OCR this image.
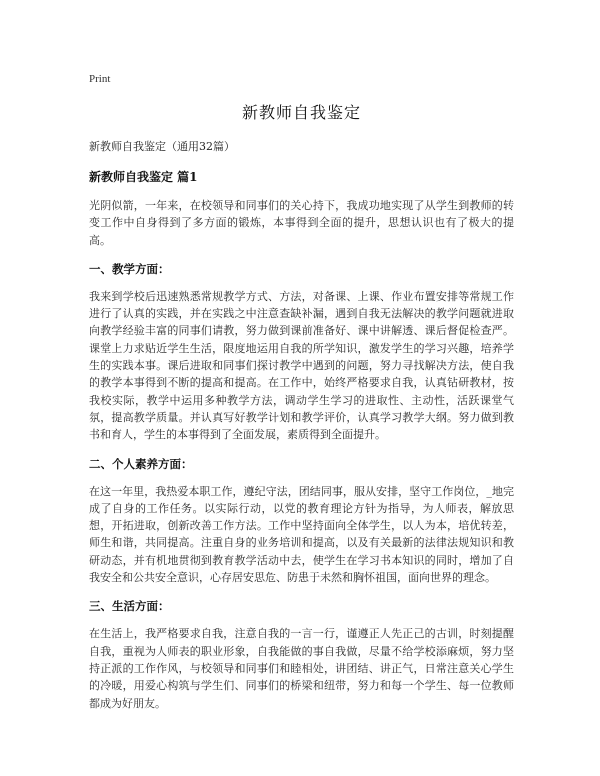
Print
新教师自我鉴定
新教师自我鉴定（通用32篇）
新教师自我鉴定 篇1

光阴似箭，一年来，在校领导和同事们的关心持下，我成功地实现了从学生到教师的转变工作中自身得到了多方面的锻炼，本事得到全面的提升，思想认识也有了极大的提高。

一、教学方面：

我来到学校后迅速熟悉常规教学方式、方法，对备课、上课、作业布置安排等常规工作进行了认真的实践，并在实践之中注意查缺补漏，遇到自我无法解决的教学问题就进取向教学经验丰富的同事们请教，努力做到课前准备好、课中讲解透、课后督促检查严。课堂上力求贴近学生生活，限度地运用自我的所学知识，激发学生的学习兴趣，培养学生的实践本事。课后进取和同事们探讨教学中遇到的问题，努力寻找解决方法，使自我的教学本事得到不断的提高和提高。在工作中，始终严格要求自我，认真钻研教材，按我校实际，教学中运用多种教学方法，调动学生学习的进取性、主动性，活跃课堂气氛，提高教学质量。并认真写好教学计划和教学评价，认真学习教学大纲。努力做到教书和育人，学生的本事得到了全面发展，素质得到全面提升。

二、个人素养方面：

在这一年里，我热爱本职工作，遵纪守法，团结同事，服从安排，坚守工作岗位，_地完成了自身的工作任务。以实际行动，以党的教育理论方针为指导，为人师表，解放思想，开拓进取，创新改善工作方法。工作中坚持面向全体学生，以人为本，培优转差，师生和谐，共同提高。注重自身的业务培训和提高，以及有关最新的法律法规知识和教研动态，并有机地贯彻到教育教学活动中去，使学生在学习书本知识的同时，增加了自我安全和公共安全意识，心存居安思危、防患于未然和胸怀祖国，面向世界的理念。

三、生活方面：

在生活上，我严格要求自我，注意自我的一言一行，谨遵正人先正己的古训，时刻提醒自我，重视为人师表的职业形象，自我能做的事自我做，尽量不给学校添麻烦，努力坚持正派的工作作风，与校领导和同事们和睦相处，讲团结、讲正气，日常注意关心学生的冷暖，用爱心构筑与学生们、同事们的桥梁和纽带，努力和每一个学生、每一位教师都成为好朋友。
